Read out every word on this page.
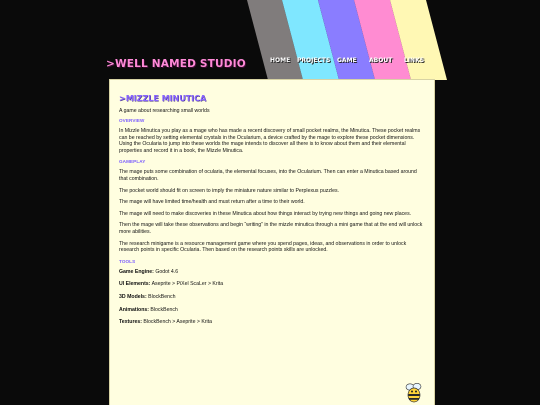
>WELL NAMED STUDIO	HOME PROJECTS GAME ABOUT LINKS
>MIZZLE MINUTICA
A game about researching small worlds
OVERVIEW

In Mizzle Minutica you play as a mage who has made a recent discovery of small pocket realms, the Minutica. These pocket realms can be reached by setting elemental crystals in the Ocularium, a device crafted by the mage to explore these pocket dimensions. Using the Ocularia to jump into these worlds the mage intends to discover all there is to know about them and their elemental properties and record it in a book, the Mizzle Minutica.

GAMEPLAY

The mage puts some combination of ocularia, the elemental focuses, into the Ocularium. Then can enter a Minutica based around that combination.

The pocket world should fit on screen to imply the miniature nature similar to Perplexus puzzles.

The mage will have limited time/health and must return after a time to their world.

The mage will need to make discoveries in these Minutica about how things interact by trying new things and going new places.

Then the mage will take these observations and begin “writing” in the mizzle minutica through a mini game that at the end will unlock more abilities.

The research minigame is a resource management game where you spend pages, ideas, and observations in order to unlock research points in specific Ocularia. Then based on the research points skills are unlocked.

TOOLS
Game Engine: Godot 4.6
UI Elements: Aseprite > PiXel ScaLer > Krita
3D Models: BlockBench
Animations: BlockBench
Textures: BlockBench > Aseprite > Krita
